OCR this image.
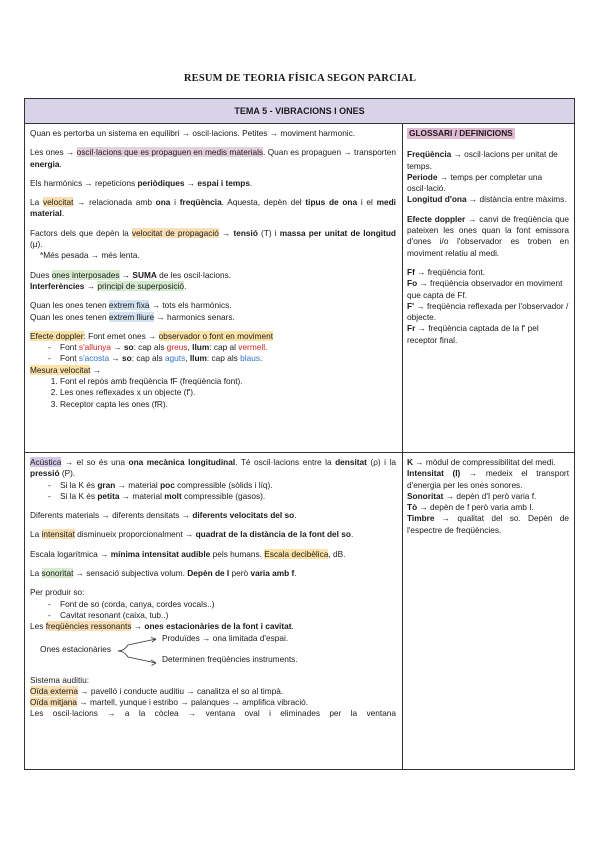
RESUM DE TEORIA FÍSICA SEGON PARCIAL
TEMA 5 - VIBRACIONS I ONES

Quan es pertorba un sistema en equilibri → oscil·lacions. Petites → moviment harmonic.

Les ones → oscil·lacions que es propaguen en medis materials. Quan es propaguen → transporten energia.

Els harmònics → repeticions periòdiques → espai i temps.

La velocitat → relacionada amb ona i freqüència. Aquesta, depèn del tipus de ona i el medi material.

Factors dels que depèn la velocitat de propagació → tensió (T) i massa per unitat de longitud (μ).
*Més pesada → més lenta.

Dues ones interposades → SUMA de les oscil·lacions.
Interferències → principi de superposició.

Quan les ones tenen extrem fixa → tots els harmònics.
Quan les ones tenen extrem lliure → harmonics senars.

Efecte doppler: Font emet ones → observador o font en moviment
- Font s'allunya → so: cap als greus, llum: cap al vermell.
- Font s'acosta → so: cap als aguts, llum: cap als blaus.
Mesura velocitat →
1. Font el repòs amb freqüència fF (freqüència font).
2. Les ones reflexades x un objecte (f').
3. Receptor capta les ones (fR).
GLOSSARI / DEFINICIONS

Freqüència → oscil·lacions per unitat de temps.
Periode → temps per completar una oscil·lació.
Longitud d'ona → distància entre màxims.

Efecte doppler → canvi de freqüència que pateixen les ones quan la font emissora d'ones i/o l'observador es troben en moviment relatiu al medi.

Ff → freqüència font.
Fo → freqüència observador en moviment que capta de Ff.
F' → freqüència reflexada per l'observador / objecte.
Fr → freqüència captada de la f' pel receptor final.

Acústica → el so és una ona mecànica longitudinal. Té oscil·lacions entre la densitat (ρ) i la pressió (P).
- Si la K és gran → material poc compressible (sòlids i líq).
- Si la K és petita → material molt compressible (gasos).

Diferents materials → diferents densitats → diferents velocitats del so.

La intensitat disminueix proporcionalment → quadrat de la distància de la font del so.

Escala logarítmica → mínima intensitat audible pels humans. Escala decibèlica, dB.

La sonoritat → sensació subjectiva volum. Depèn de I però varia amb f.

Per produir so:
- Font de so (corda, canya, cordes vocals..)
- Cavitat resonant (caixa, tub..)
Les freqüències ressonants → ones estacionàries de la font i cavitat.
Ones estacionàries
Produïdes → ona limitada d'espai.
Determinen freqüències instruments.
Sistema auditiu:
Oïda externa → pavelló i conducte auditiu → canalitza el so al timpà.
Oïda mitjana → martell, yunque i estribo → palanques → amplifica vibració.
Les oscil·lacions → a la còclea → ventana oval i eliminades per la ventana

K → mòdul de compressibilitat del medi.
Intensitat (I) → medeix el transport d'energia per les ones sonores.
Sonoritat → depèn d'I però varia f.
Tò → depèn de f però varia amb I.
Timbre → qualitat del so. Depèn de l'espectre de freqüències.
